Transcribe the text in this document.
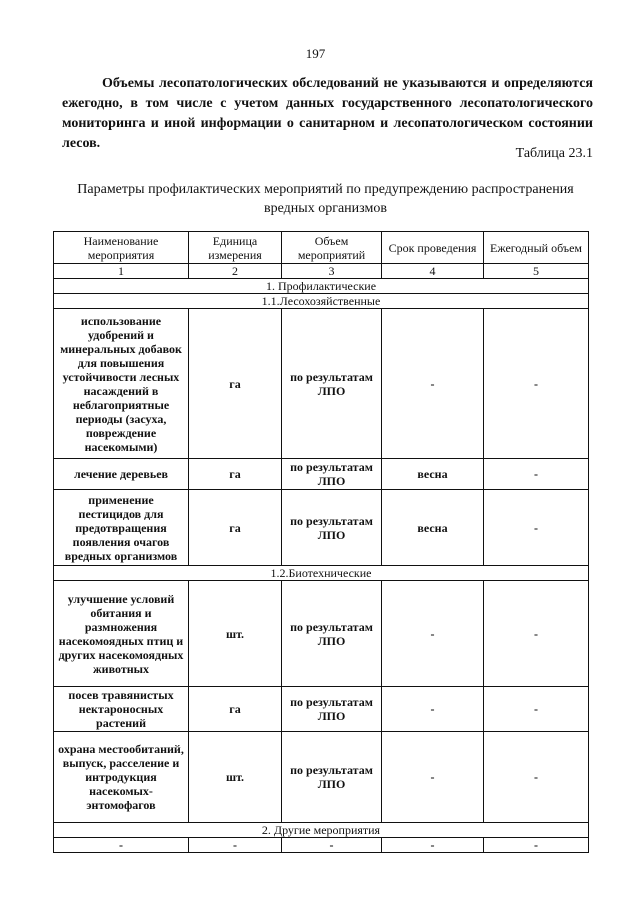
197

Объемы лесопатологических обследований не указываются и определяются ежегодно, в том числе с учетом данных государственного лесопатологического мониторинга и иной информации о санитарном и лесопатологическом состоянии лесов.

Таблица 23.1
Параметры профилактических мероприятий по предупреждению распространения вредных организмов
Наименование мероприятия	Единица измерения	Объем мероприятий	Срок проведения	Ежегодный объем
1	2	3	4	5
1. Профилактические				
1.1.Лесохозяйственные				
использование удобрений и минеральных добавок для повышения устойчивости лесных насаждений в неблагоприятные периоды (засуха, повреждение насекомыми)	га	по результатам ЛПО	-	-
лечение деревьев	га	по результатам ЛПО	весна	-
применение пестицидов для предотвращения появления очагов вредных организмов	га	по результатам ЛПО	весна	-
1.2.Биотехнические				
улучшение условий обитания и размножения насекомоядных птиц и других насекомоядных животных	шт.	по результатам ЛПО	-	-
посев травянистых нектароносных растений	га	по результатам ЛПО	-	-
охрана местообитаний, выпуск, расселение и интродукция насекомых-энтомофагов	шт.	по результатам ЛПО	-	-
2. Другие мероприятия				
-	-	-	-	-
